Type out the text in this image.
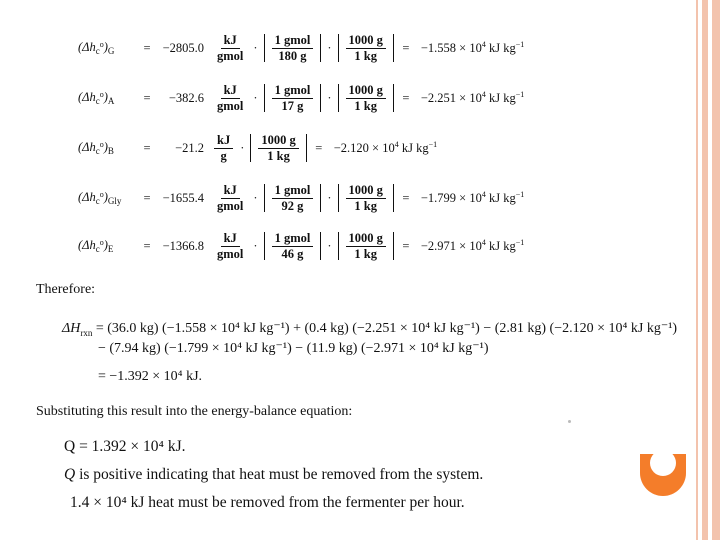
$(\Delta h_c^o)_G$	= $-2805.0 \frac{kJ}{\text{gmol}} \cdot \frac{\text{1 gmol}}{180 g} \cdot \frac{1000 g}{1 kg}$	= $-1.558 \times 10^4$ kJ $kg^{-1}$
$(\Delta h_c^o)_A$	=	$-382.6 \frac{kJ}{\text{gmol}} \cdot \frac{\text{1 gmol}}{17 g} \cdot \frac{1000 g}{1 kg}$	= $-2.251 \times 10^4$ kJ $kg^{-1}$
$(\Delta h_c^o)_B$	=	$-21.2 \frac{kJ}{g} \cdot \frac{1000 g}{1 kg}$	= $-2.120 \times 10^4$ kJ $kg^{-1}$
$(\Delta h_c^o)_{Gly}$	= $-1655.4 \frac{kJ}{\text{gmol}} \cdot \frac{\text{1 gmol}}{92 g} \cdot \frac{1000 g}{1 kg}$	= $-1.799 \times 10^4$ kJ $kg^{-1}$
$(\Delta h_c^o)_E$	= $-1366.8 \frac{kJ}{\text{gmol}} \cdot \frac{\text{1 gmol}}{46 g} \cdot \frac{1000 g}{1 kg}$	= $-2.971 \times 10^4$ kJ $kg^{-1}$
Therefore:
$\Delta H_{rxn} = (36.0$ kg) (−1.558 × 10⁴ kJ kg⁻¹) + (0.4 kg) (−2.251 × 10⁴ kJ kg⁻¹) − (2.81 kg) (−2.120 × 10⁴ kJ kg⁻¹)
− (7.94 kg) (−1.799 × 10⁴ kJ kg⁻¹) − (11.9 kg) (−2.971 × 10⁴ kJ kg⁻¹)
= −1.392 × 10⁴ kJ.
Substituting this result into the energy-balance equation:
Q = 1.392 × 10⁴ kJ.
Q is positive indicating that heat must be removed from the system.
1.4 × 10⁴ kJ heat must be removed from the fermenter per hour.
